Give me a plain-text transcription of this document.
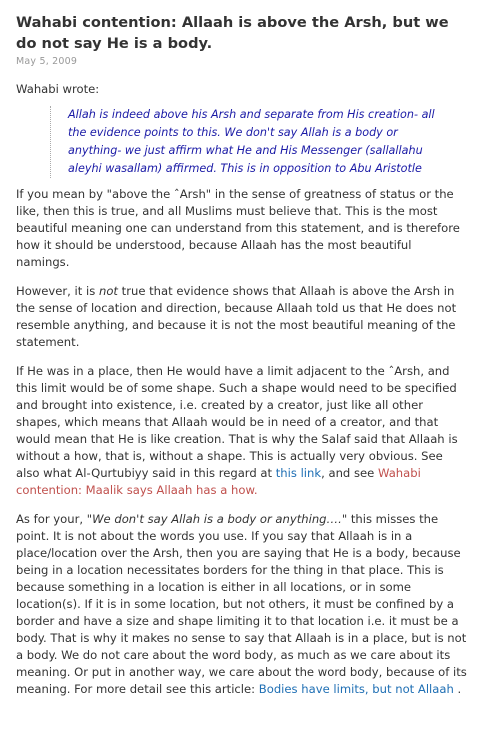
Wahabi contention: Allaah is above the Arsh, but we do not say He is a body.
May 5, 2009
Wahabi wrote:
Allah is indeed above his Arsh and separate from His creation- all the evidence points to this. We don't say Allah is a body or anything- we just affirm what He and His Messenger (sallallahu aleyhi wasallam) affirmed. This is in opposition to Abu Aristotle

If you mean by "above the ˆArsh" in the sense of greatness of status or the like, then this is true, and all Muslims must believe that. This is the most beautiful meaning one can understand from this statement, and is therefore how it should be understood, because Allaah has the most beautiful namings.

However, it is not true that evidence shows that Allaah is above the Arsh in the sense of location and direction, because Allaah told us that He does not resemble anything, and because it is not the most beautiful meaning of the statement.

If He was in a place, then He would have a limit adjacent to the ˆArsh, and this limit would be of some shape. Such a shape would need to be specified and brought into existence, i.e. created by a creator, just like all other shapes, which means that Allaah would be in need of a creator, and that would mean that He is like creation. That is why the Salaf said that Allaah is without a how, that is, without a shape. This is actually very obvious. See also what Al-Qurtubiyy said in this regard at this link, and see Wahabi contention: Maalik says Allaah has a how.

As for your, "We don't say Allah is a body or anything…." this misses the point. It is not about the words you use. If you say that Allaah is in a place/location over the Arsh, then you are saying that He is a body, because being in a location necessitates borders for the thing in that place. This is because something in a location is either in all locations, or in some location(s). If it is in some location, but not others, it must be confined by a border and have a size and shape limiting it to that location i.e. it must be a body. That is why it makes no sense to say that Allaah is in a place, but is not a body. We do not care about the word body, as much as we care about its meaning. Or put in another way, we care about the word body, because of its meaning. For more detail see this article: Bodies have limits, but not Allaah .
